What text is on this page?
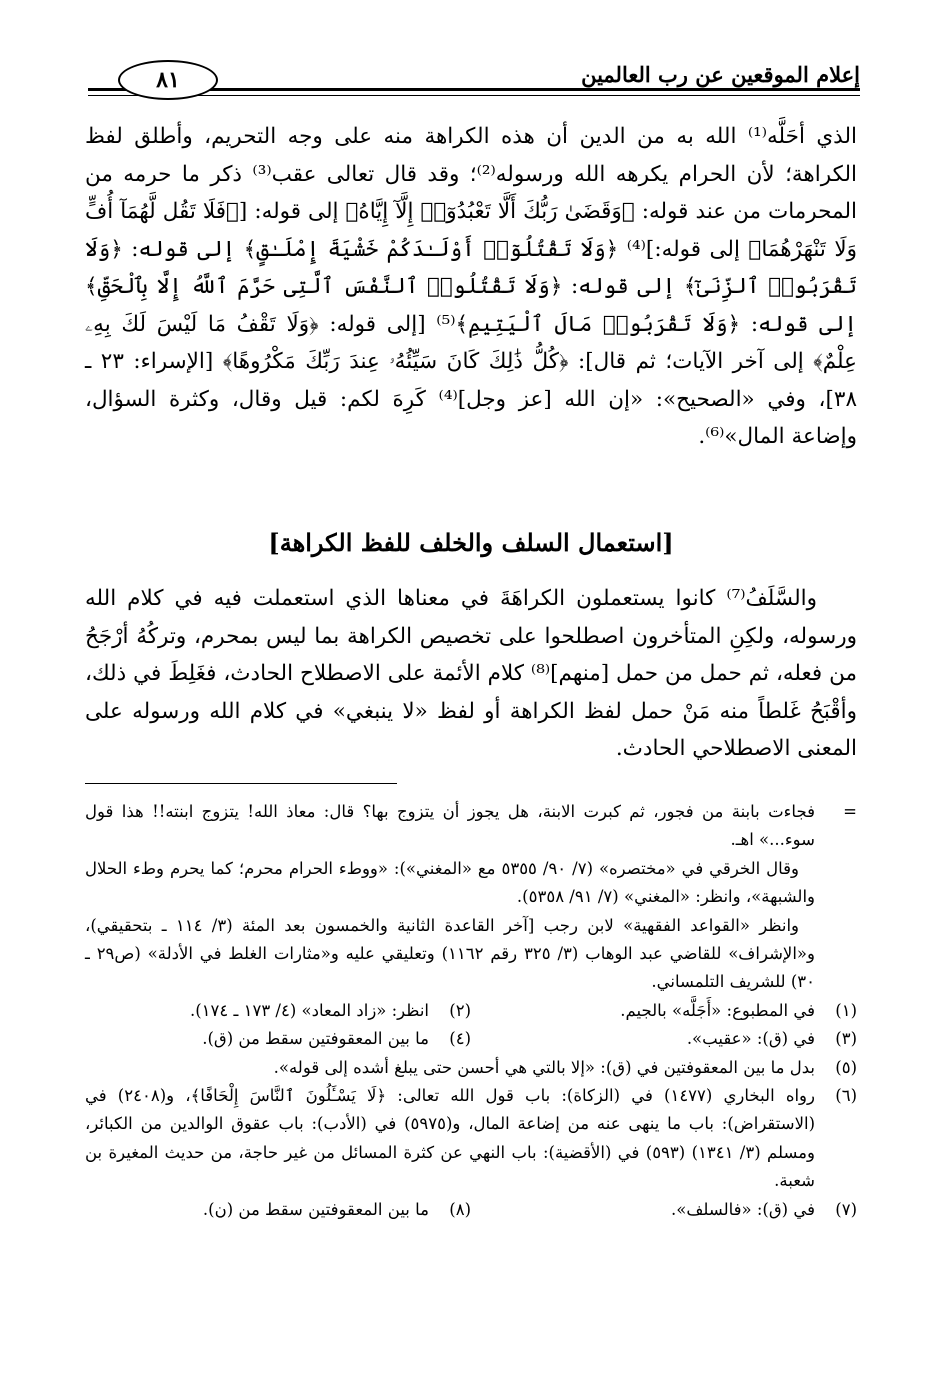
إعلام الموقعين عن رب العالمين
٨١

الذي أحَلَّه⁽¹⁾ الله به من الدين أن هذه الكراهة منه على وجه التحريم، وأطلق لفظ الكراهة؛ لأن الحرام يكرهه الله ورسوله⁽²⁾؛ وقد قال تعالى عقب⁽³⁾ ذكر ما حرمه من المحرمات من عند قوله: ﴿وَقَضَىٰ رَبُّكَ أَلَّا تَعْبُدُوٓا۟ إِلَّآ إِيَّاهُ﴾ إلى قوله: [﴿فَلَا تَقُل لَّهُمَآ أُفٍّ وَلَا تَنْهَرْهُمَا﴾ إلى قوله:]⁽⁴⁾ ﴿وَلَا تَقْتُلُوٓا۟ أَوْلَـٰدَكُمْ خَشْيَةَ إِمْلَـٰقٍ﴾ إلى قوله: ﴿وَلَا تَقْرَبُوا۟ ٱلزِّنَىٰٓ﴾ إلى قوله: ﴿وَلَا تَقْتُلُوا۟ ٱلنَّفْسَ ٱلَّتِى حَرَّمَ ٱللَّهُ إِلَّا بِٱلْحَقِّ﴾ إلى قوله: ﴿وَلَا تَقْرَبُوا۟ مَالَ ٱلْيَتِيمِ﴾⁽⁵⁾ [إلى قوله: ﴿وَلَا تَقْفُ مَا لَيْسَ لَكَ بِهِۦ عِلْمٌ﴾ إلى آخر الآيات؛ ثم قال]: ﴿كُلُّ ذَٰلِكَ كَانَ سَيِّئُهُۥ عِندَ رَبِّكَ مَكْرُوهًا﴾ [الإسراء: ٢٣ ـ ٣٨]، وفي «الصحيح»: «إن الله [عز وجل]⁽⁴⁾ كَرِهَ لكم: قيل وقال، وكثرة السؤال، وإضاعة المال»⁽⁶⁾.

[استعمال السلف والخلف للفظ الكراهة]

والسَّلَفُ⁽⁷⁾ كانوا يستعملون الكراهَةَ في معناها الذي استعملت فيه في كلام الله ورسوله، ولكِنِ المتأخرون اصطلحوا على تخصيص الكراهة بما ليس بمحرم، وتركُهُ أرْجَحُ من فعله، ثم حمل من حمل [منهم]⁽⁸⁾ كلام الأئمة على الاصطلاح الحادث، فغَلِطَ في ذلك، وأقْبَحُ غَلطاً منه مَنْ حمل لفظ الكراهة أو لفظ «لا ينبغي» في كلام الله ورسوله على المعنى الاصطلاحي الحادث.

=
فجاءت بابنة من فجور، ثم كبرت الابنة، هل يجوز أن يتزوج بها؟ قال: معاذ الله! يتزوج ابنته!! هذا قول سوء...» اهـ.
وقال الخرقي في «مختصره» (٧/ ٩٠/ ٥٣٥٥ مع «المغني»): «ووطء الحرام محرم؛ كما يحرم وطء الحلال والشبهة»، وانظر: «المغني» (٧/ ٩١/ ٥٣٥٨).
وانظر «القواعد الفقهية» لابن رجب [آخر القاعدة الثانية والخمسون بعد المئة (٣/ ١١٤ ـ بتحقيقي)، و«الإشراف» للقاضي عبد الوهاب (٣/ ٣٢٥ رقم ١١٦٢) وتعليقي عليه و«مثارات الغلط في الأدلة» (ص٢٩ ـ ٣٠) للشريف التلمساني.
(١)
في المطبوع: «أَجَلَّه» بالجيم.
(٢)
انظر: «زاد المعاد» (٤/ ١٧٣ ـ ١٧٤).
(٣)
في (ق): «عقيب».
(٤)
ما بين المعقوفتين سقط من (ق).
(٥)
بدل ما بين المعقوفتين في (ق): «إلا بالتي هي أحسن حتى يبلغ أشده إلى قوله».
(٦)
رواه البخاري (١٤٧٧) في (الزكاة): باب قول الله تعالى: ﴿لَا يَسْـَٔلُونَ ٱلنَّاسَ إِلْحَافًا﴾، و(٢٤٠٨) في (الاستقراض): باب ما ينهى عنه من إضاعة المال، و(٥٩٧٥) في (الأدب): باب عقوق الوالدين من الكبائر، ومسلم (٣/ ١٣٤١) (٥٩٣) في (الأقضية): باب النهي عن كثرة المسائل من غير حاجة، من حديث المغيرة بن شعبة.
(٧)
في (ق): «فالسلف».
(٨)
ما بين المعقوفتين سقط من (ن).
